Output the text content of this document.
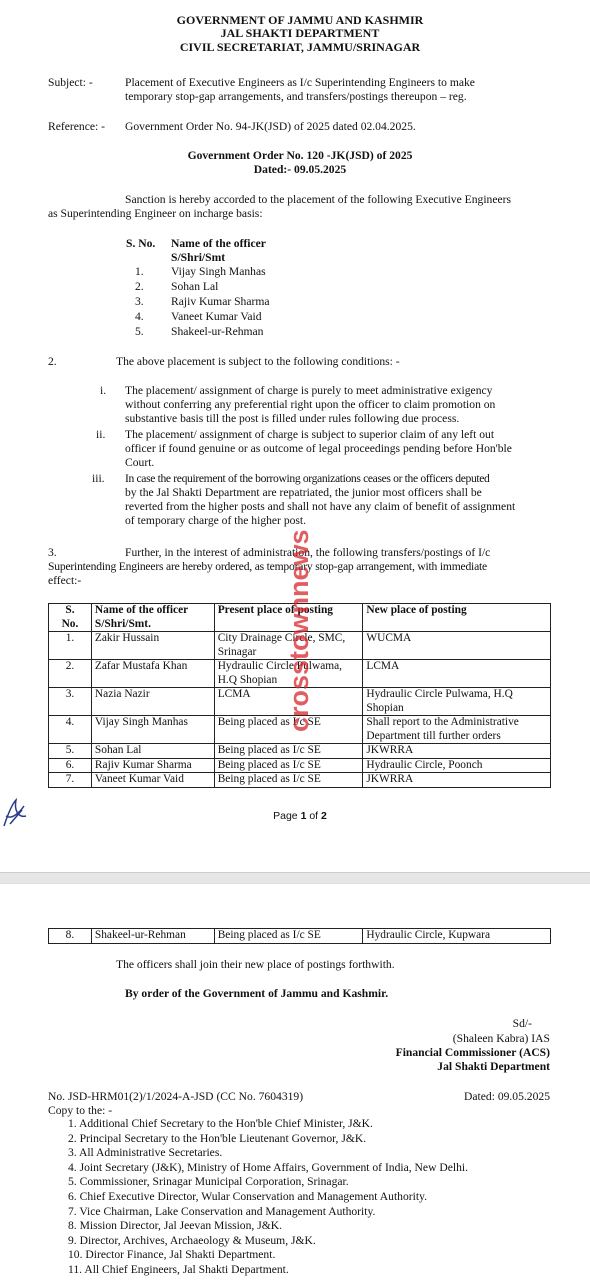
GOVERNMENT OF JAMMU AND KASHMIR
JAL SHAKTI DEPARTMENT
CIVIL SECRETARIAT, JAMMU/SRINAGAR
Subject: -	Placement of Executive Engineers as I/c Superintending Engineers to make
temporary stop-gap arrangements, and transfers/postings thereupon – reg.
Reference: - Government Order No. 94-JK(JSD) of 2025 dated 02.04.2025.
Government Order No. 120 -JK(JSD) of 2025
Dated:- 09.05.2025
Sanction is hereby accorded to the placement of the following Executive Engineers
as Superintending Engineer on incharge basis:
S. No. Name of the officer
S/Shri/Smt
1. Vijay Singh Manhas
2. Sohan Lal
3. Rajiv Kumar Sharma
4. Vaneet Kumar Vaid
5. Shakeel-ur-Rehman
2.	The above placement is subject to the following conditions: -
i. The placement/ assignment of charge is purely to meet administrative exigency
without conferring any preferential right upon the officer to claim promotion on
substantive basis till the post is filled under rules following due process.
ii. The placement/ assignment of charge is subject to superior claim of any left out
officer if found genuine or as outcome of legal proceedings pending before Hon'ble
Court.
iii. In case the requirement of the borrowing organizations ceases or the officers deputed
by the Jal Shakti Department are repatriated, the junior most officers shall be
reverted from the higher posts and shall not have any claim of benefit of assignment
of temporary charge of the higher post.
3.	Further, in the interest of administration, the following transfers/postings of I/c
Superintending Engineers are hereby ordered, as temporary stop-gap arrangement, with immediate
effect:-
S.
No.	Name of the officer
S/Shri/Smt.	Present place of posting	New place of posting
1.	Zakir Hussain	City Drainage Circle, SMC, Srinagar	WUCMA
2.	Zafar Mustafa Khan	Hydraulic Circle Pulwama, H.Q Shopian	LCMA
3.	Nazia Nazir	LCMA	Hydraulic Circle Pulwama, H.Q Shopian
4.	Vijay Singh Manhas	Being placed as I/c SE	Shall report to the Administrative Department till further orders
5.	Sohan Lal	Being placed as I/c SE	JKWRRA
6.	Rajiv Kumar Sharma	Being placed as I/c SE	Hydraulic Circle, Poonch
7.	Vaneet Kumar Vaid	Being placed as I/c SE	JKWRRA
crosstownnews
Page 1 of 2
8.	Shakeel-ur-Rehman	Being placed as I/c SE	Hydraulic Circle, Kupwara
The officers shall join their new place of postings forthwith.
By order of the Government of Jammu and Kashmir.
Sd/-
(Shaleen Kabra) IAS
Financial Commissioner (ACS)
Jal Shakti Department
No. JSD-HRM01(2)/1/2024-A-JSD (CC No. 7604319)	Dated: 09.05.2025
Copy to the: -
1. Additional Chief Secretary to the Hon'ble Chief Minister, J&K.
2. Principal Secretary to the Hon'ble Lieutenant Governor, J&K.
3. All Administrative Secretaries.
4. Joint Secretary (J&K), Ministry of Home Affairs, Government of India, New Delhi.
5. Commissioner, Srinagar Municipal Corporation, Srinagar.
6. Chief Executive Director, Wular Conservation and Management Authority.
7. Vice Chairman, Lake Conservation and Management Authority.
8. Mission Director, Jal Jeevan Mission, J&K.
9. Director, Archives, Archaeology & Museum, J&K.
10. Director Finance, Jal Shakti Department.
11. All Chief Engineers, Jal Shakti Department.
